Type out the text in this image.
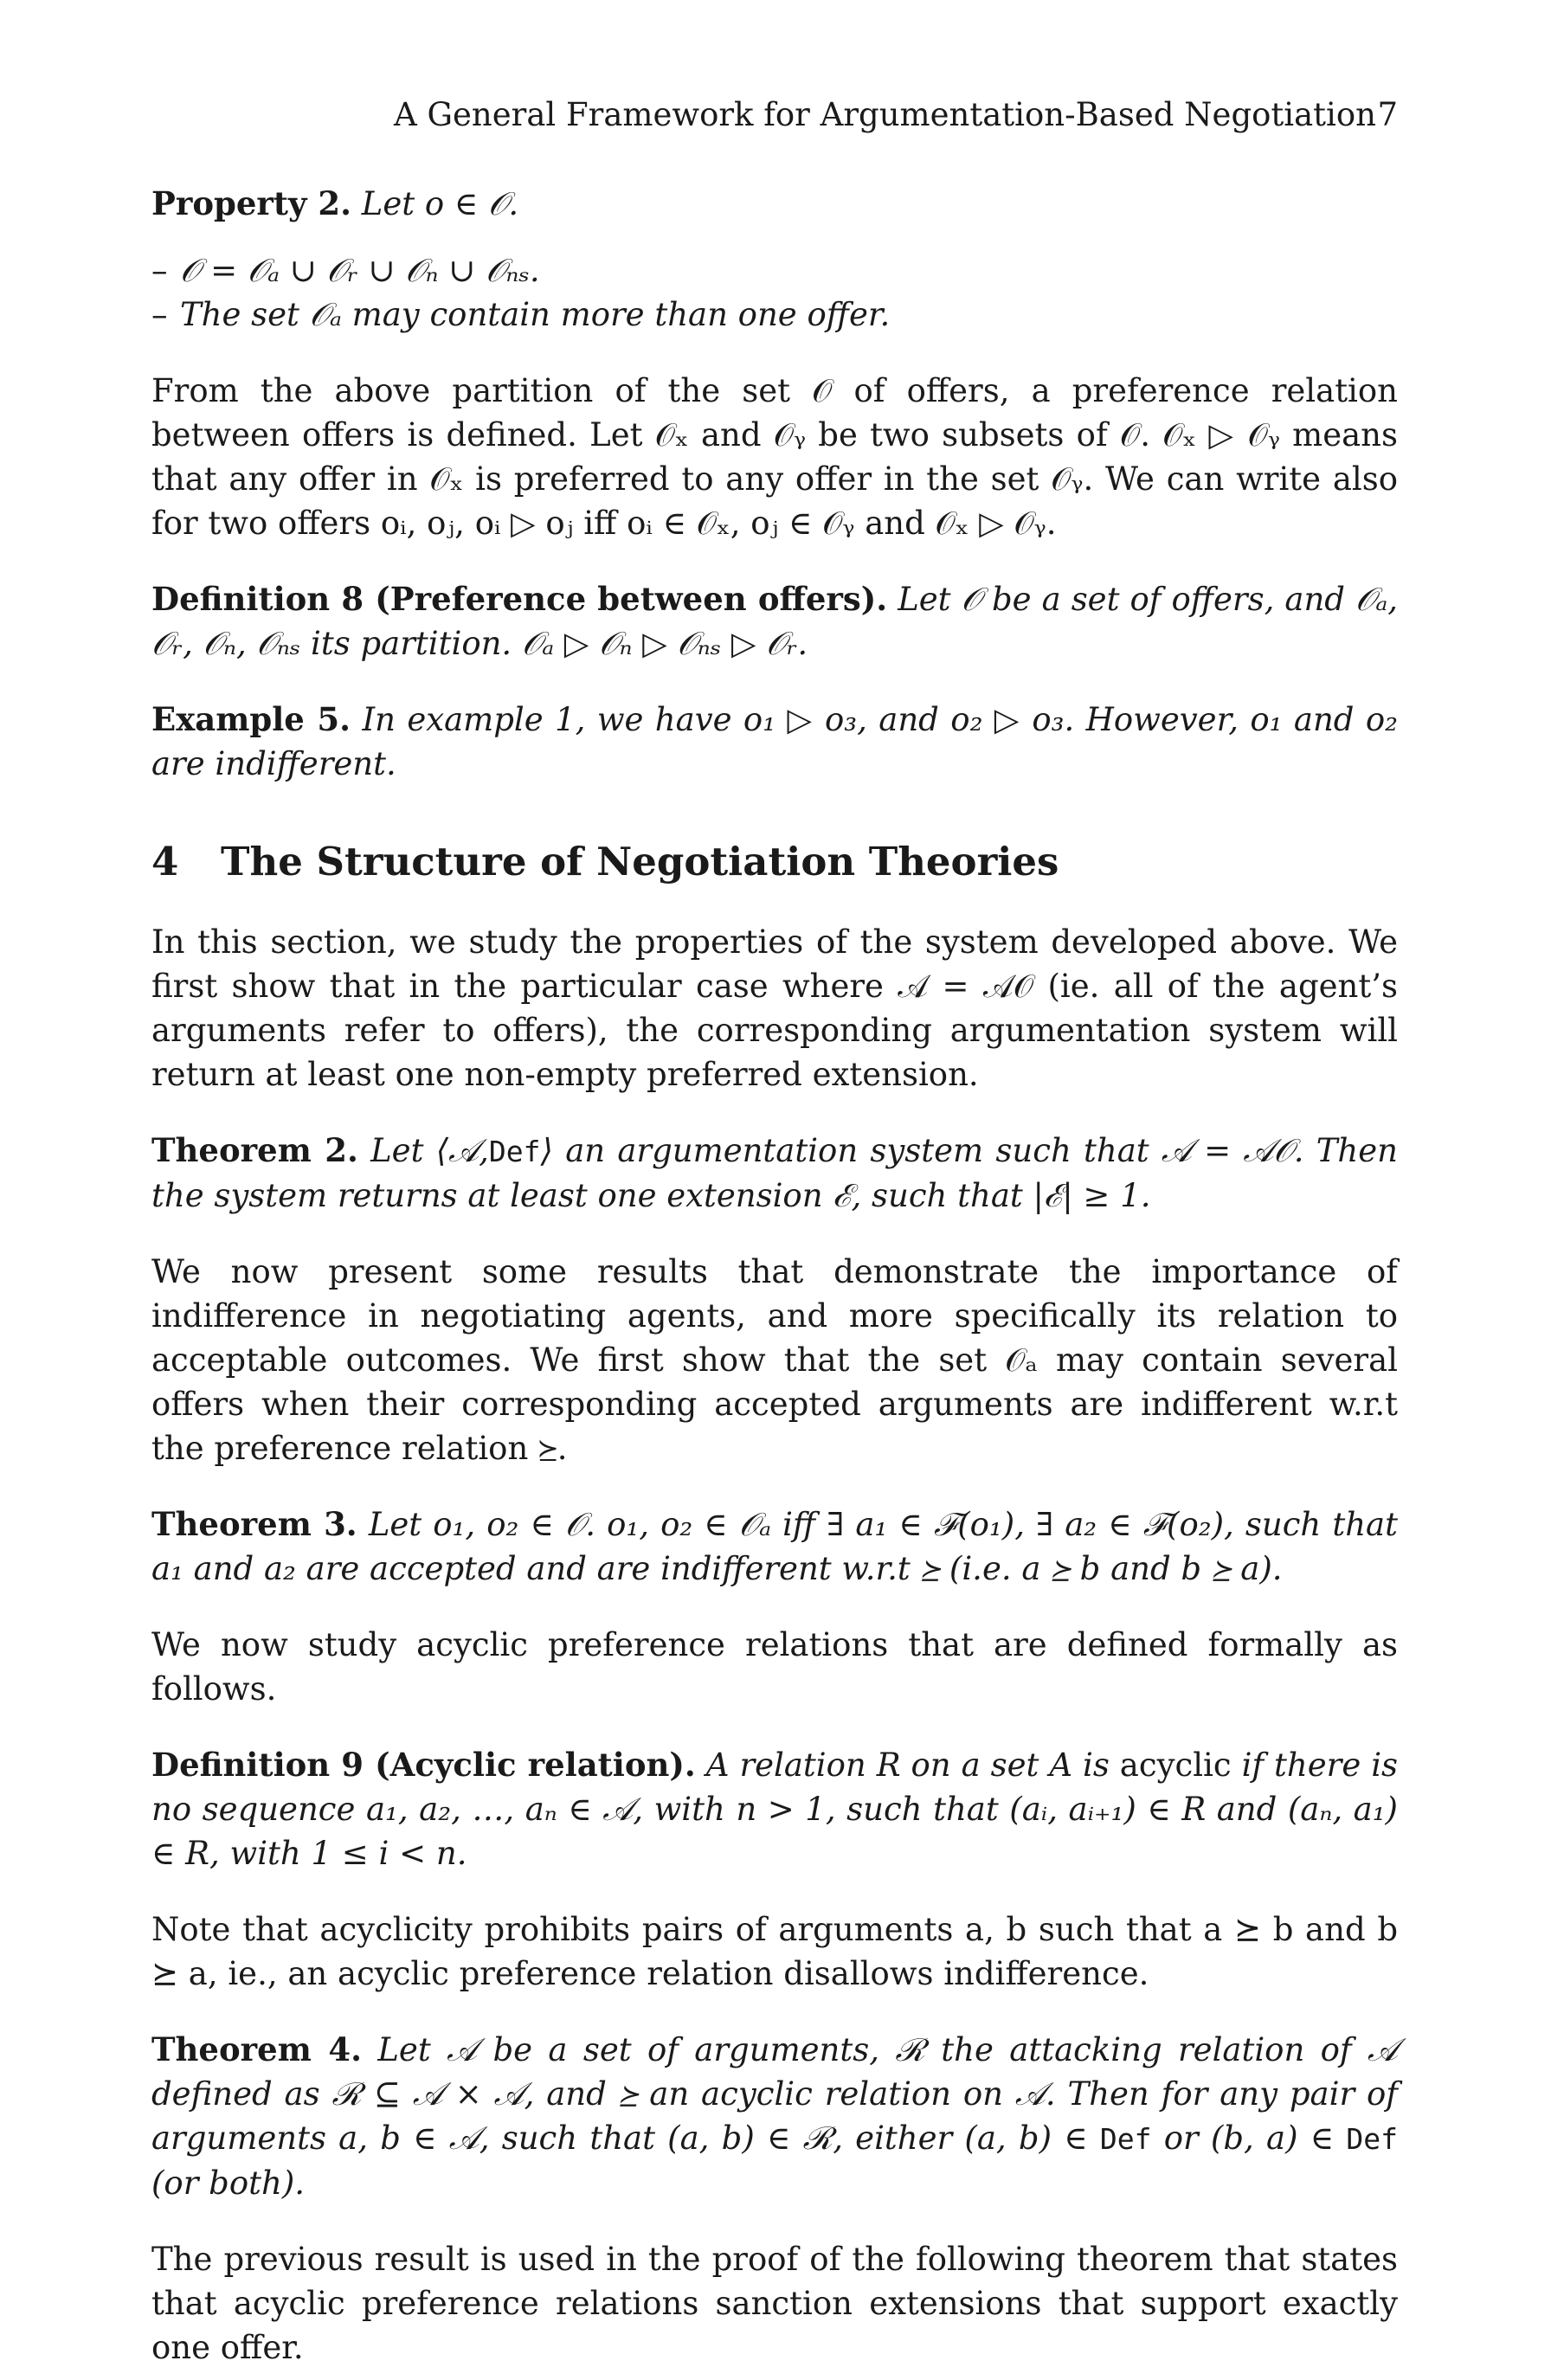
A General Framework for Argumentation-Based Negotiation 7

Property 2. Let o ∈ 𝒪.

– 𝒪 = 𝒪ₐ ∪ 𝒪ᵣ ∪ 𝒪ₙ ∪ 𝒪ₙₛ.
– The set 𝒪ₐ may contain more than one offer.

From the above partition of the set 𝒪 of offers, a preference relation between offers is defined. Let 𝒪ₓ and 𝒪ᵧ be two subsets of 𝒪. 𝒪ₓ ▷ 𝒪ᵧ means that any offer in 𝒪ₓ is preferred to any offer in the set 𝒪ᵧ. We can write also for two offers oᵢ, oⱼ, oᵢ ▷ oⱼ iff oᵢ ∈ 𝒪ₓ, oⱼ ∈ 𝒪ᵧ and 𝒪ₓ ▷ 𝒪ᵧ.

Definition 8 (Preference between offers). Let 𝒪 be a set of offers, and 𝒪ₐ, 𝒪ᵣ, 𝒪ₙ, 𝒪ₙₛ its partition. 𝒪ₐ ▷ 𝒪ₙ ▷ 𝒪ₙₛ ▷ 𝒪ᵣ.

Example 5. In example 1, we have o₁ ▷ o₃, and o₂ ▷ o₃. However, o₁ and o₂ are indifferent.

4 The Structure of Negotiation Theories

In this section, we study the properties of the system developed above. We first show that in the particular case where 𝒜 = 𝒜𝒪 (ie. all of the agent’s arguments refer to offers), the corresponding argumentation system will return at least one non-empty preferred extension.

Theorem 2. Let ⟨𝒜,Def⟩ an argumentation system such that 𝒜 = 𝒜𝒪. Then the system returns at least one extension ℰ, such that |ℰ| ≥ 1.

We now present some results that demonstrate the importance of indifference in negotiating agents, and more specifically its relation to acceptable outcomes. We first show that the set 𝒪ₐ may contain several offers when their corresponding accepted arguments are indifferent w.r.t the preference relation ⪰.

Theorem 3. Let o₁, o₂ ∈ 𝒪. o₁, o₂ ∈ 𝒪ₐ iff ∃ a₁ ∈ ℱ(o₁), ∃ a₂ ∈ ℱ(o₂), such that a₁ and a₂ are accepted and are indifferent w.r.t ⪰ (i.e. a ⪰ b and b ⪰ a).

We now study acyclic preference relations that are defined formally as follows.

Definition 9 (Acyclic relation). A relation R on a set A is acyclic if there is no sequence a₁, a₂, …, aₙ ∈ 𝒜, with n > 1, such that (aᵢ, aᵢ₊₁) ∈ R and (aₙ, a₁) ∈ R, with 1 ≤ i < n.

Note that acyclicity prohibits pairs of arguments a, b such that a ⪰ b and b ⪰ a, ie., an acyclic preference relation disallows indifference.

Theorem 4. Let 𝒜 be a set of arguments, ℛ the attacking relation of 𝒜 defined as ℛ ⊆ 𝒜 × 𝒜, and ⪰ an acyclic relation on 𝒜. Then for any pair of arguments a, b ∈ 𝒜, such that (a, b) ∈ ℛ, either (a, b) ∈ Def or (b, a) ∈ Def (or both).

The previous result is used in the proof of the following theorem that states that acyclic preference relations sanction extensions that support exactly one offer.
